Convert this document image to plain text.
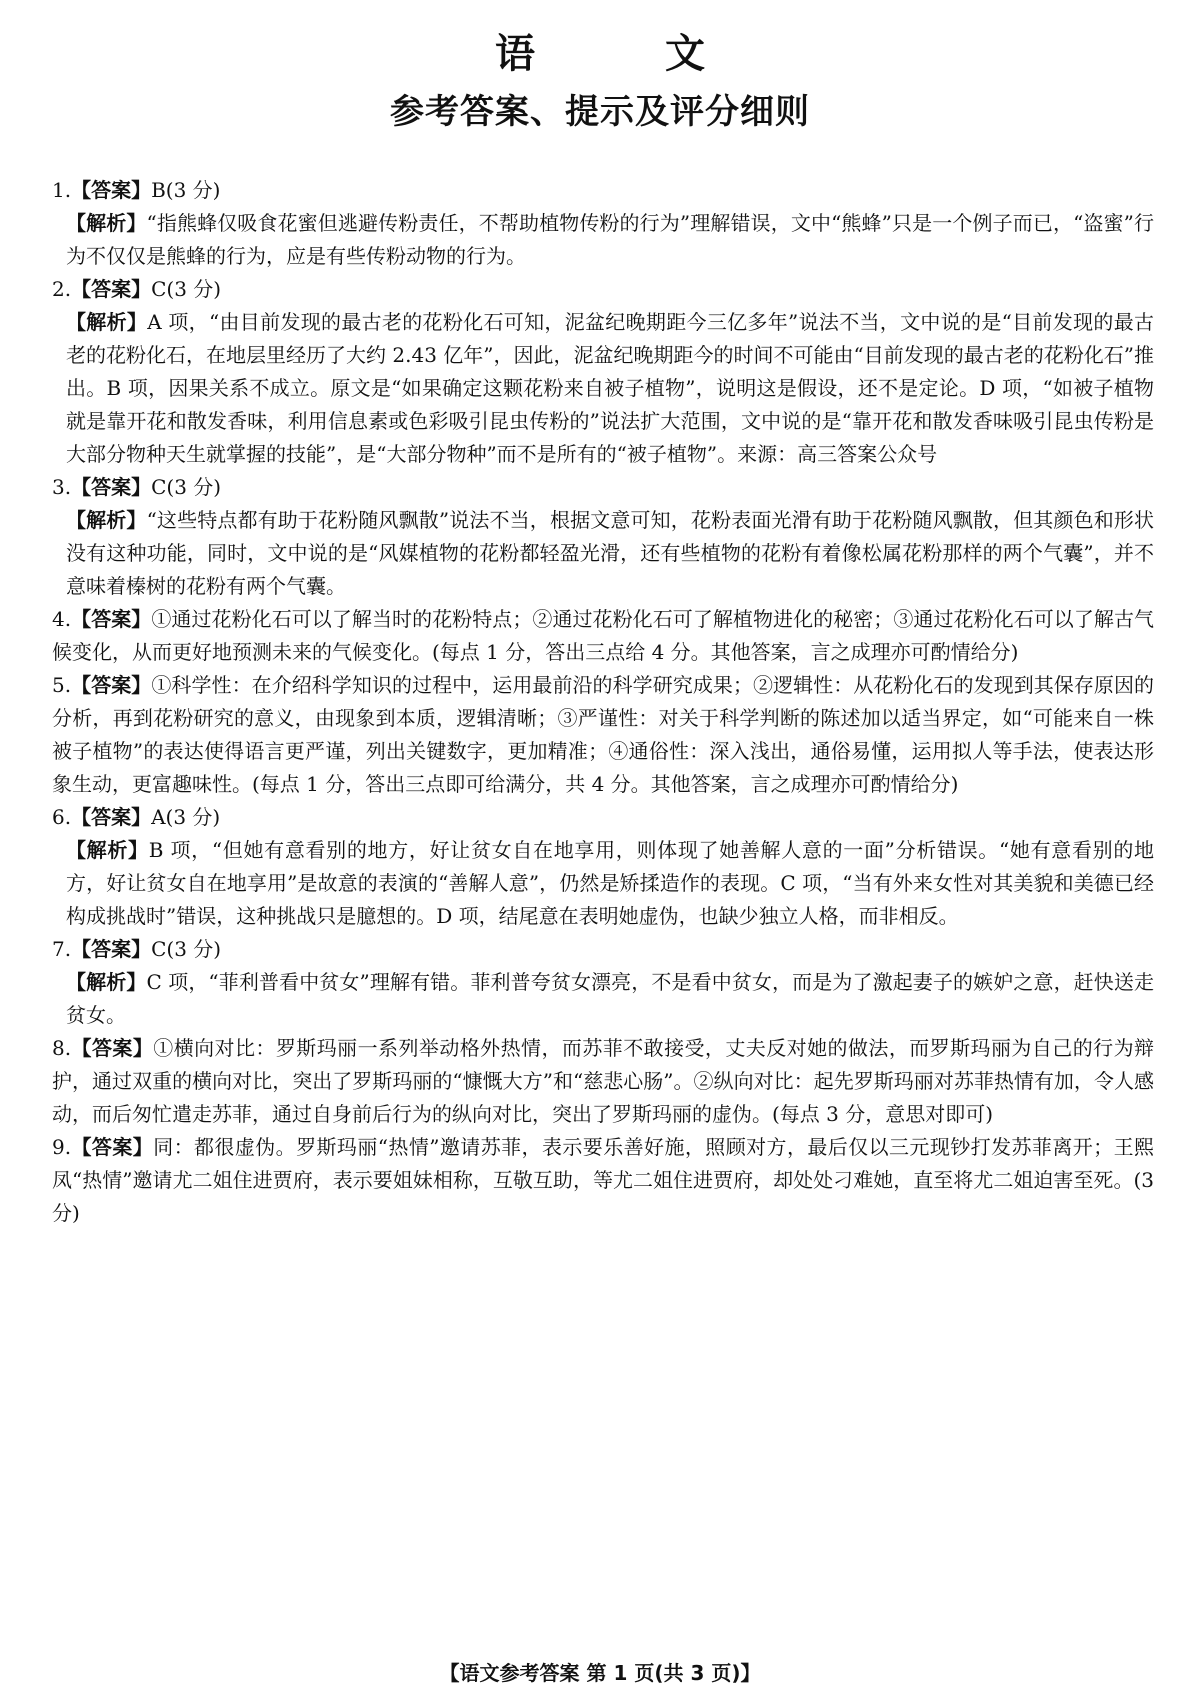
语 文
参考答案、提示及评分细则
1.【答案】B(3 分)

【解析】“指熊蜂仅吸食花蜜但逃避传粉责任，不帮助植物传粉的行为”理解错误，文中“熊蜂”只是一个例子而已，“盗蜜”行为不仅仅是熊蜂的行为，应是有些传粉动物的行为。

2.【答案】C(3 分)

【解析】A 项，“由目前发现的最古老的花粉化石可知，泥盆纪晚期距今三亿多年”说法不当，文中说的是“目前发现的最古老的花粉化石，在地层里经历了大约 2.43 亿年”，因此，泥盆纪晚期距今的时间不可能由“目前发现的最古老的花粉化石”推出。B 项，因果关系不成立。原文是“如果确定这颗花粉来自被子植物”，说明这是假设，还不是定论。D 项，“如被子植物就是靠开花和散发香味，利用信息素或色彩吸引昆虫传粉的”说法扩大范围，文中说的是“靠开花和散发香味吸引昆虫传粉是大部分物种天生就掌握的技能”，是“大部分物种”而不是所有的“被子植物”。来源：高三答案公众号

3.【答案】C(3 分)

【解析】“这些特点都有助于花粉随风飘散”说法不当，根据文意可知，花粉表面光滑有助于花粉随风飘散，但其颜色和形状没有这种功能，同时，文中说的是“风媒植物的花粉都轻盈光滑，还有些植物的花粉有着像松属花粉那样的两个气囊”，并不意味着榛树的花粉有两个气囊。

4.【答案】①通过花粉化石可以了解当时的花粉特点；②通过花粉化石可了解植物进化的秘密；③通过花粉化石可以了解古气候变化，从而更好地预测未来的气候变化。(每点 1 分，答出三点给 4 分。其他答案，言之成理亦可酌情给分)

5.【答案】①科学性：在介绍科学知识的过程中，运用最前沿的科学研究成果；②逻辑性：从花粉化石的发现到其保存原因的分析，再到花粉研究的意义，由现象到本质，逻辑清晰；③严谨性：对关于科学判断的陈述加以适当界定，如“可能来自一株被子植物”的表达使得语言更严谨，列出关键数字，更加精准；④通俗性：深入浅出，通俗易懂，运用拟人等手法，使表达形象生动，更富趣味性。(每点 1 分，答出三点即可给满分，共 4 分。其他答案，言之成理亦可酌情给分)

6.【答案】A(3 分)

【解析】B 项，“但她有意看别的地方，好让贫女自在地享用，则体现了她善解人意的一面”分析错误。“她有意看别的地方，好让贫女自在地享用”是故意的表演的“善解人意”，仍然是矫揉造作的表现。C 项，“当有外来女性对其美貌和美德已经构成挑战时”错误，这种挑战只是臆想的。D 项，结尾意在表明她虚伪，也缺少独立人格，而非相反。

7.【答案】C(3 分)

【解析】C 项，“菲利普看中贫女”理解有错。菲利普夸贫女漂亮，不是看中贫女，而是为了激起妻子的嫉妒之意，赶快送走贫女。

8.【答案】①横向对比：罗斯玛丽一系列举动格外热情，而苏菲不敢接受，丈夫反对她的做法，而罗斯玛丽为自己的行为辩护，通过双重的横向对比，突出了罗斯玛丽的“慷慨大方”和“慈悲心肠”。②纵向对比：起先罗斯玛丽对苏菲热情有加，令人感动，而后匆忙遣走苏菲，通过自身前后行为的纵向对比，突出了罗斯玛丽的虚伪。(每点 3 分，意思对即可)

9.【答案】同：都很虚伪。罗斯玛丽“热情”邀请苏菲，表示要乐善好施，照顾对方，最后仅以三元现钞打发苏菲离开；王熙凤“热情”邀请尤二姐住进贾府，表示要姐妹相称，互敬互助，等尤二姐住进贾府，却处处刁难她，直至将尤二姐迫害至死。(3 分)

【语文参考答案 第 1 页(共 3 页)】
